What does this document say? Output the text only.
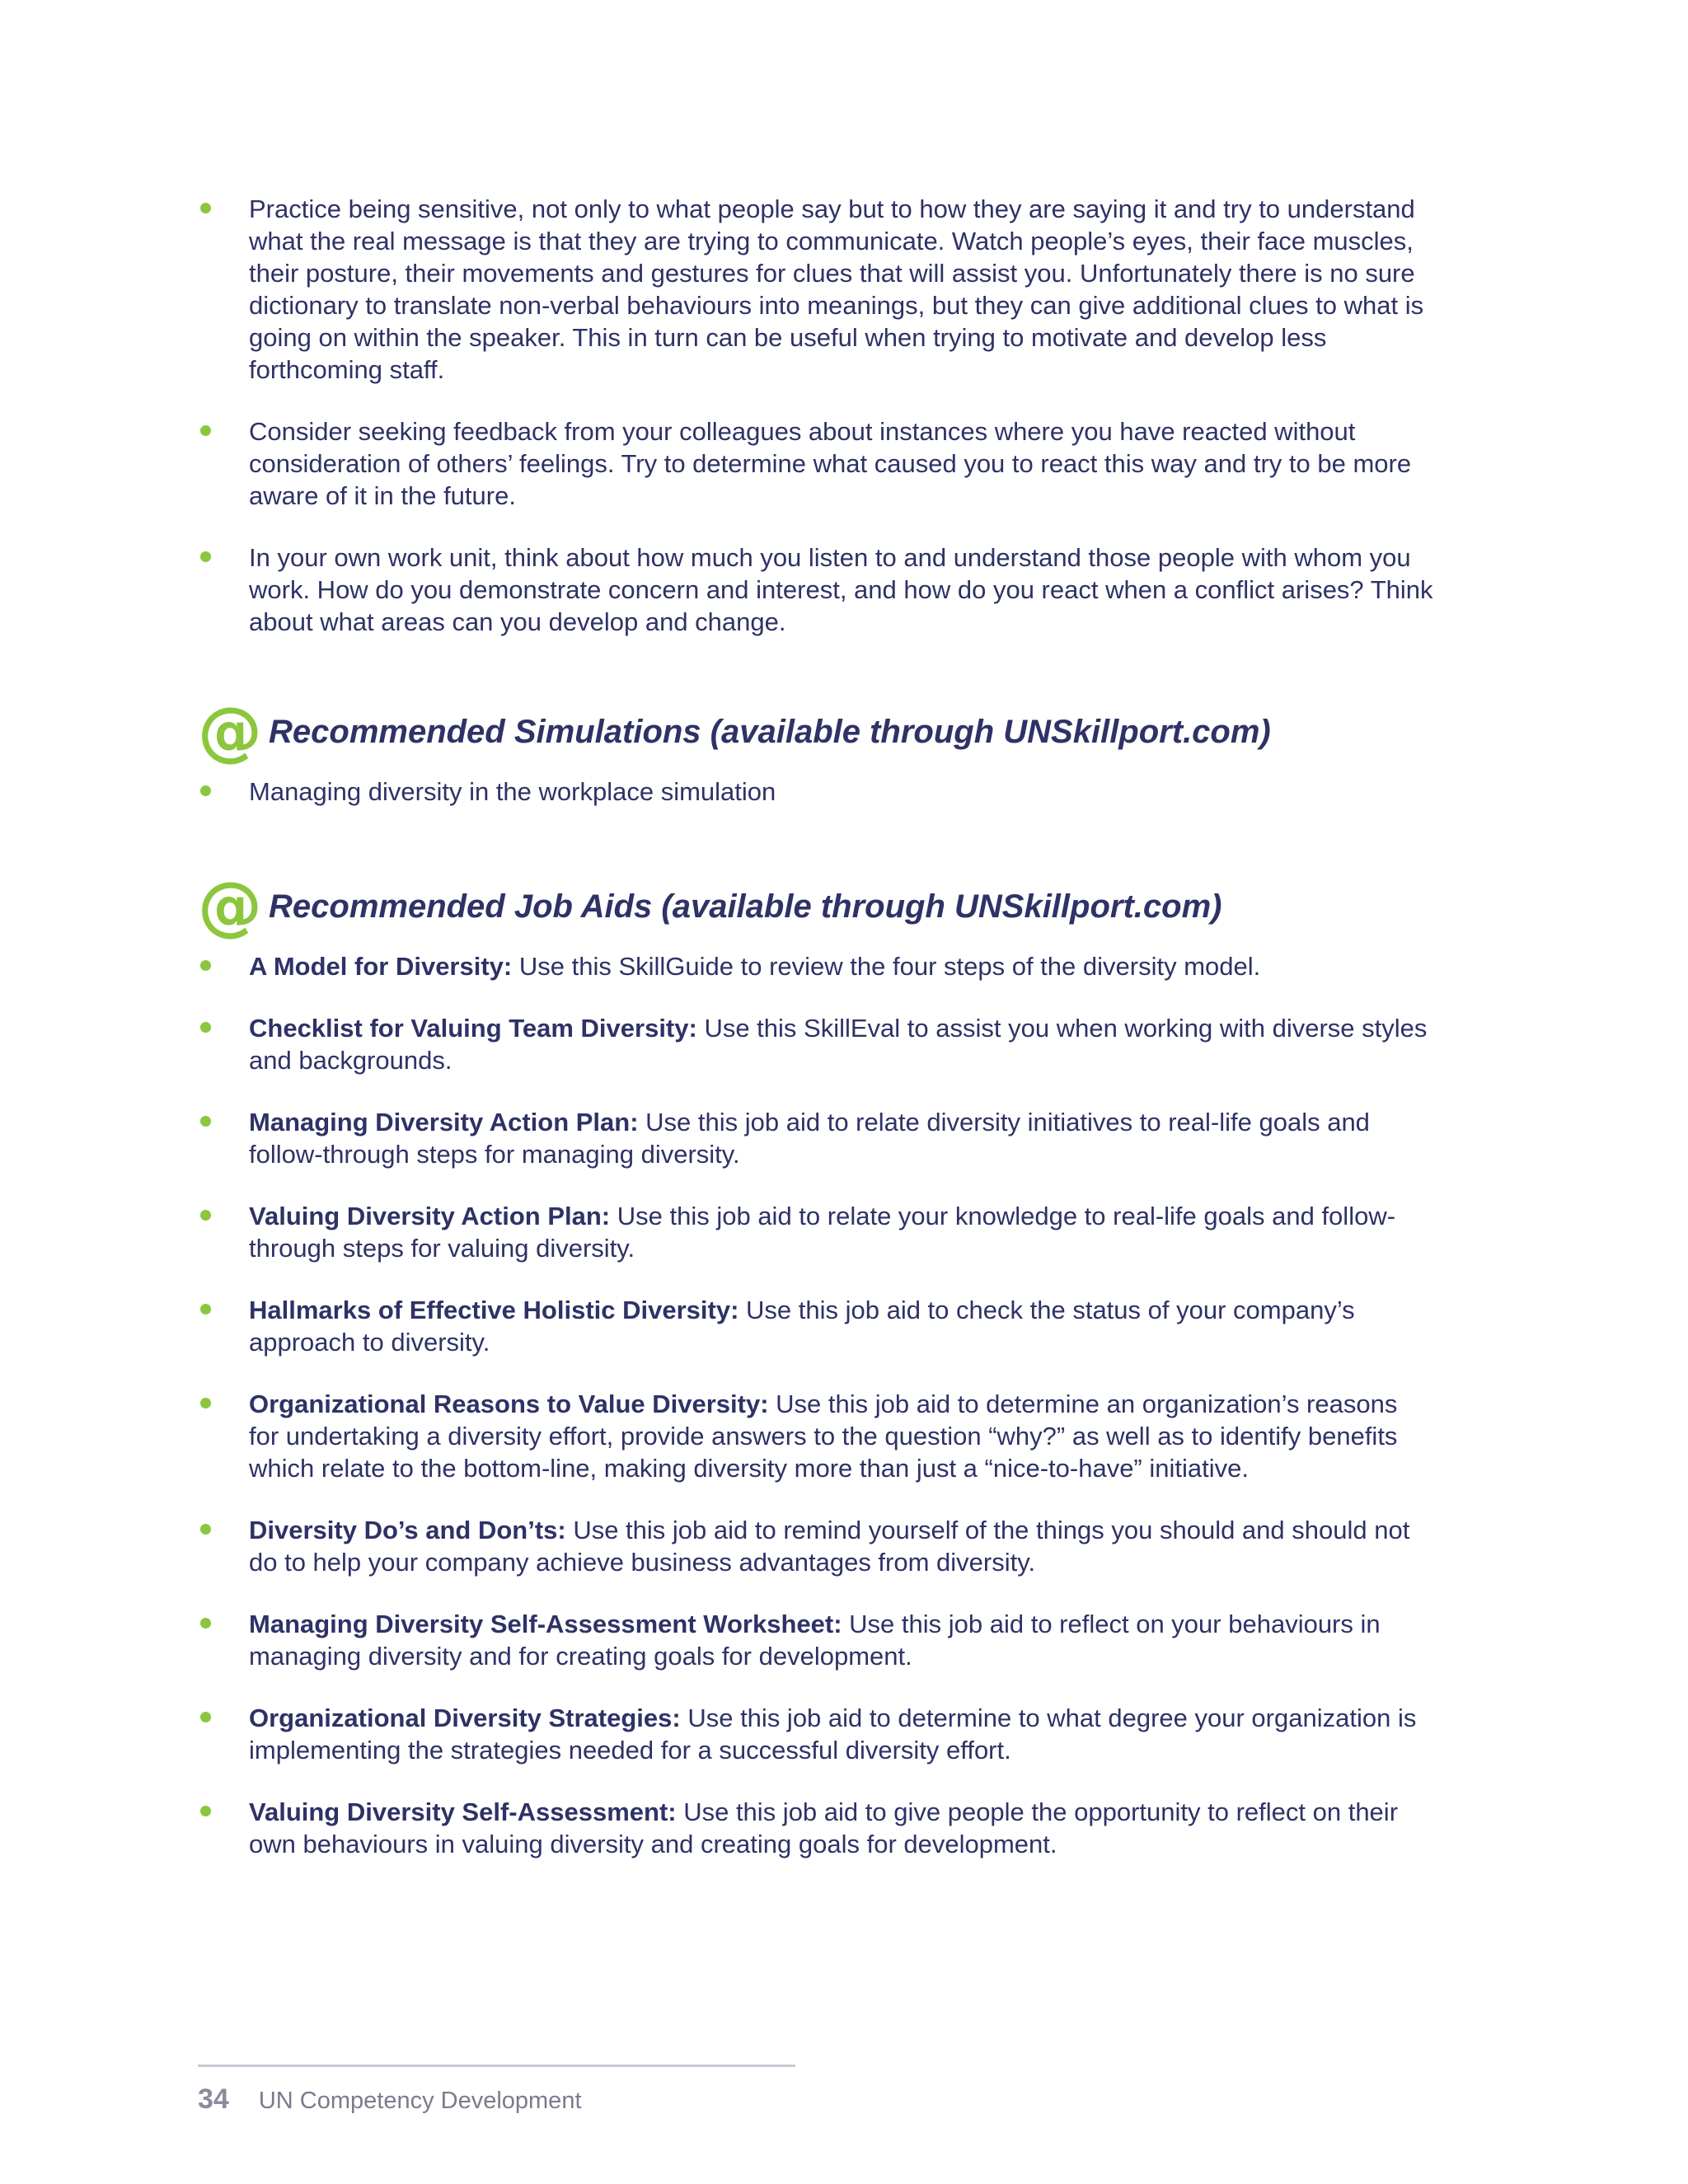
Practice being sensitive, not only to what people say but to how they are saying it and try to understand what the real message is that they are trying to communicate. Watch people’s eyes, their face muscles, their posture, their movements and gestures for clues that will assist you. Unfortunately there is no sure dictionary to translate non-verbal behaviours into meanings, but they can give additional clues to what is going on within the speaker. This in turn can be useful when trying to motivate and develop less forthcoming staff.
Consider seeking feedback from your colleagues about instances where you have reacted without consideration of others’ feelings. Try to determine what caused you to react this way and try to be more aware of it in the future.
In your own work unit, think about how much you listen to and understand those people with whom you work. How do you demonstrate concern and interest, and how do you react when a conflict arises? Think about what areas can you develop and change.
@ Recommended Simulations (available through UNSkillport.com)
Managing diversity in the workplace simulation
@ Recommended Job Aids (available through UNSkillport.com)
A Model for Diversity: Use this SkillGuide to review the four steps of the diversity model.
Checklist for Valuing Team Diversity: Use this SkillEval to assist you when working with diverse styles and backgrounds.
Managing Diversity Action Plan: Use this job aid to relate diversity initiatives to real-life goals and follow-through steps for managing diversity.
Valuing Diversity Action Plan: Use this job aid to relate your knowledge to real-life goals and follow-through steps for valuing diversity.
Hallmarks of Effective Holistic Diversity: Use this job aid to check the status of your company’s approach to diversity.
Organizational Reasons to Value Diversity: Use this job aid to determine an organization’s reasons for undertaking a diversity effort, provide answers to the question “why?” as well as to identify benefits which relate to the bottom-line, making diversity more than just a “nice-to-have” initiative.
Diversity Do’s and Don’ts: Use this job aid to remind yourself of the things you should and should not do to help your company achieve business advantages from diversity.
Managing Diversity Self-Assessment Worksheet: Use this job aid to reflect on your behaviours in managing diversity and for creating goals for development.
Organizational Diversity Strategies: Use this job aid to determine to what degree your organization is implementing the strategies needed for a successful diversity effort.
Valuing Diversity Self-Assessment: Use this job aid to give people the opportunity to reflect on their own behaviours in valuing diversity and creating goals for development.
34 UN Competency Development
